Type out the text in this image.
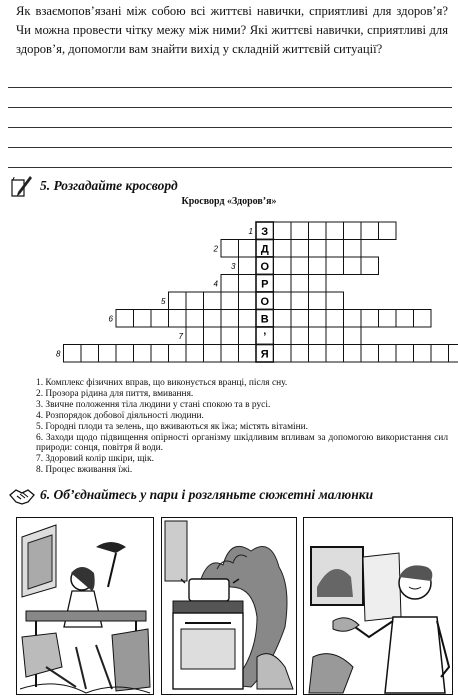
Як взаємопов’язані між собою всі життєві навички, сприятливі для здоров’я? Чи можна провести чітку межу між ними? Які життєві навички, сприятливі для здоров’я, допомогли вам знайти вихід у складній життєвій ситуації?
5. Розгадайте кросворд
Кросворд «Здоров’я»
З
1
Д
2
О
3
Р
4
О
5
В
6
’
7
Я
8
1. Комплекс фізичних вправ, що виконується вранці, після сну.
2. Прозора рідина для пиття, вмивання.
3. Звичне положення тіла людини у стані спокою та в русі.
4. Розпорядок добової діяльності людини.
5. Городні плоди та зелень, що вживаються як їжа; містять вітаміни.
6. Заходи щодо підвищення опірності організму шкідливим впливам за допомогою використання сил природи: сонця, повітря й води.
7. Здоровий колір шкіри, щік.
8. Процес вживання їжі.
6. Об’єднайтесь у пари і розгляньте сюжетні малюнки
